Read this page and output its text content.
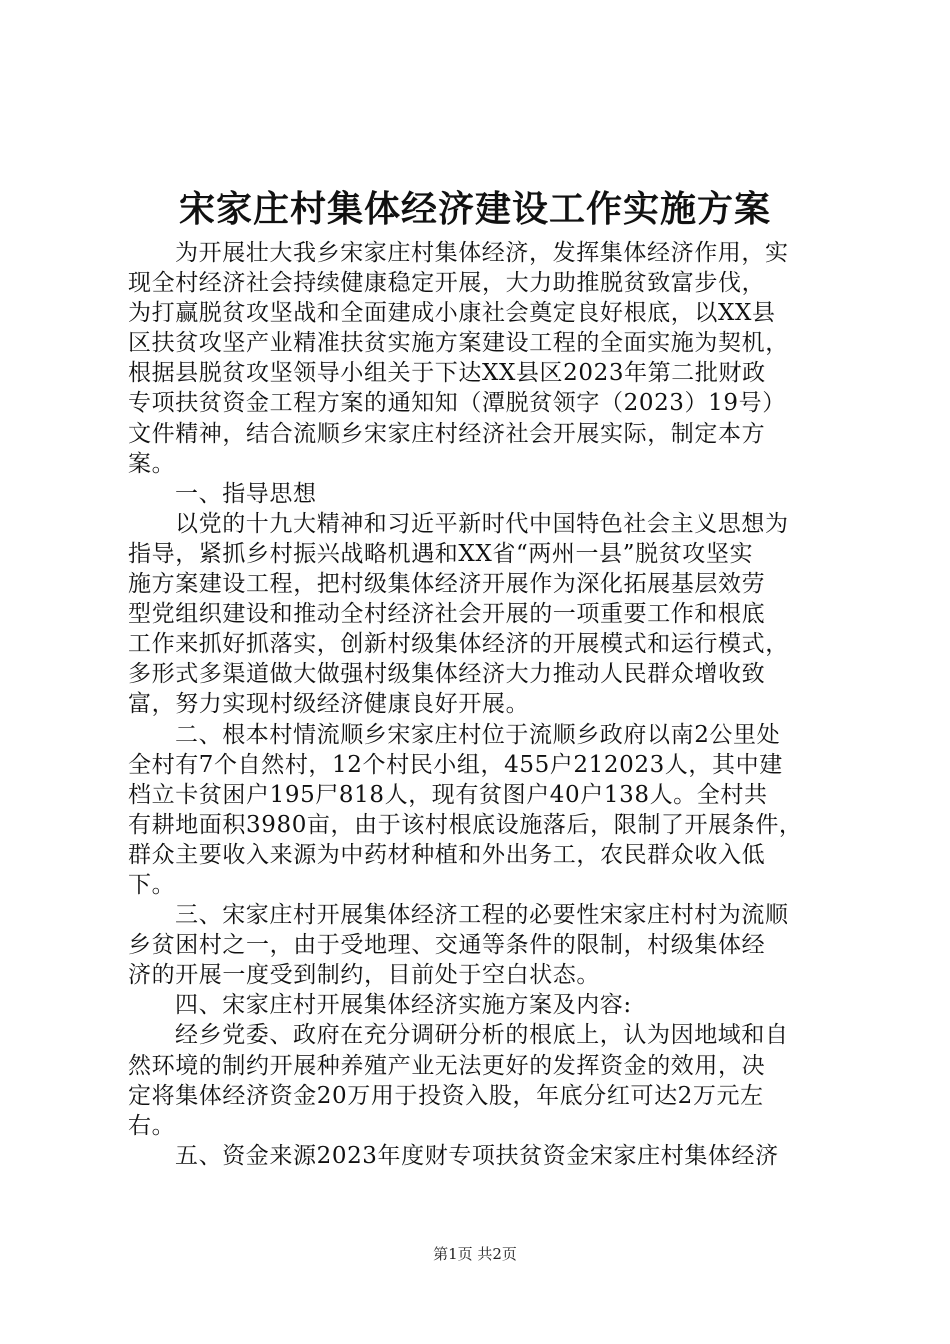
宋家庄村集体经济建设工作实施方案
为开展壮大我乡宋家庄村集体经济，发挥集体经济作用，实
现全村经济社会持续健康稳定开展，大力助推脱贫致富步伐，
为打赢脱贫攻坚战和全面建成小康社会奠定良好根底，以XX县
区扶贫攻坚产业精准扶贫实施方案建设工程的全面实施为契机，
根据县脱贫攻坚领导小组关于下达XX县区2023年第二批财政
专项扶贫资金工程方案的通知知（潭脱贫领字（2023）19号）
文件精神，结合流顺乡宋家庄村经济社会开展实际，制定本方
案。
一、指导思想
以党的十九大精神和习近平新时代中国特色社会主义思想为
指导，紧抓乡村振兴战略机遇和XX省“两州一县”脱贫攻坚实
施方案建设工程，把村级集体经济开展作为深化拓展基层效劳
型党组织建设和推动全村经济社会开展的一项重要工作和根底
工作来抓好抓落实，创新村级集体经济的开展模式和运行模式，
多形式多渠道做大做强村级集体经济大力推动人民群众增收致
富，努力实现村级经济健康良好开展。
二、根本村情流顺乡宋家庄村位于流顺乡政府以南2公里处
全村有7个自然村，12个村民小组，455户212023人，其中建
档立卡贫困户195尸818人，现有贫图户40户138人。全村共
有耕地面积3980亩，由于该村根底设施落后，限制了开展条件，
群众主要收入来源为中药材种植和外出务工，农民群众收入低
下。
三、宋家庄村开展集体经济工程的必要性宋家庄村村为流顺
乡贫困村之一，由于受地理、交通等条件的限制，村级集体经
济的开展一度受到制约，目前处于空白状态。
四、宋家庄村开展集体经济实施方案及内容:
经乡党委、政府在充分调研分析的根底上，认为因地域和自
然环境的制约开展种养殖产业无法更好的发挥资金的效用，决
定将集体经济资金20万用于投资入股，年底分红可达2万元左
右。
五、资金来源2023年度财专项扶贫资金宋家庄村集体经济
第1页 共2页
